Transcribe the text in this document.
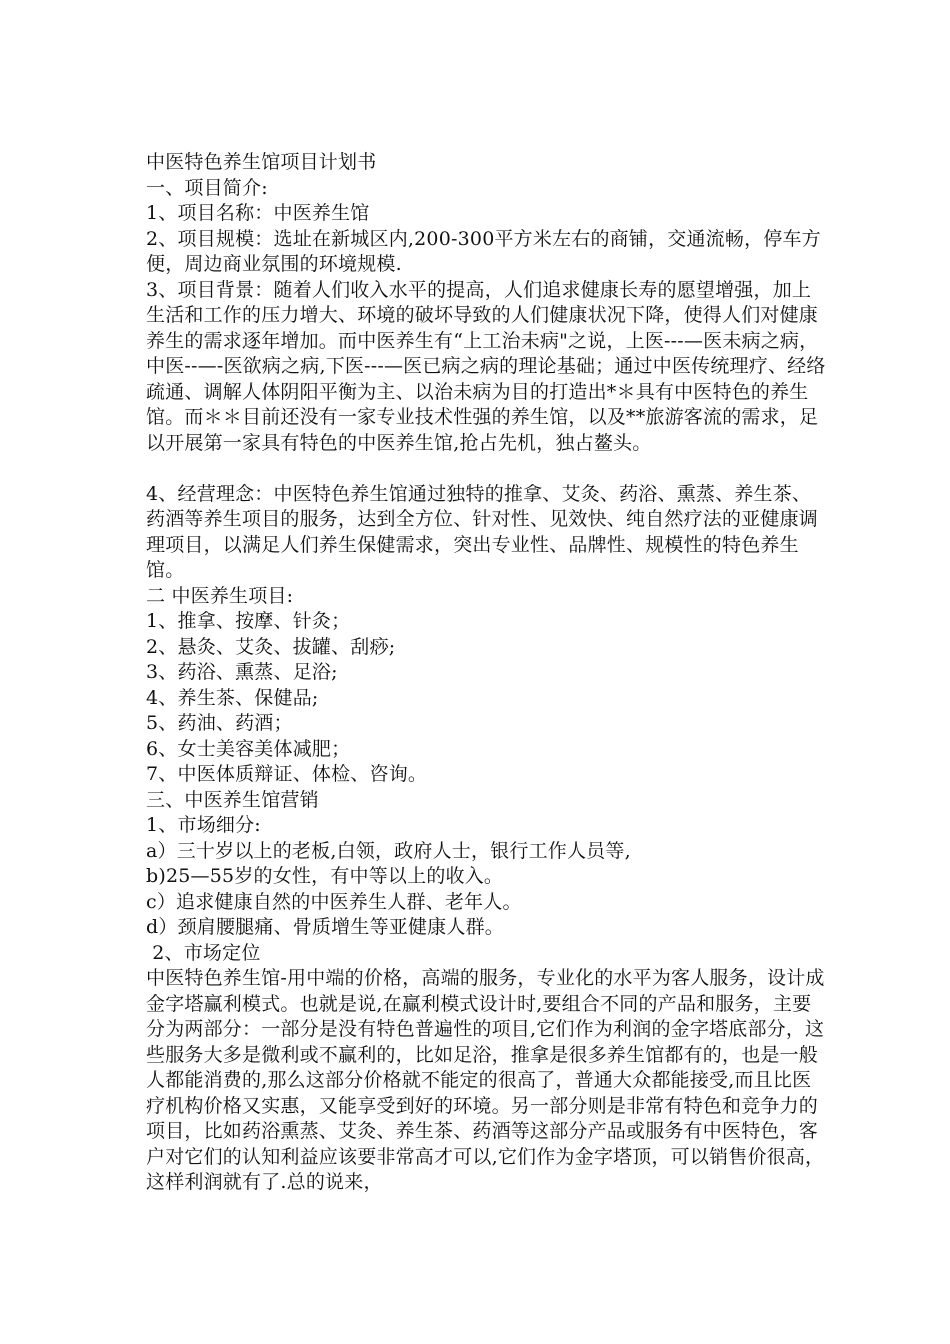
中医特色养生馆项目计划书

一、项目简介:

1、项目名称：中医养生馆

2、项目规模：选址在新城区内,200-300平方米左右的商铺，交通流畅，停车方便，周边商业氛围的环境规模.

3、项目背景：随着人们收入水平的提高，人们追求健康长寿的愿望增强，加上生活和工作的压力增大、环境的破坏导致的人们健康状况下降，使得人们对健康养生的需求逐年增加。而中医养生有“上工治未病"之说，上医---—医未病之病，中医--—-医欲病之病,下医---—医已病之病的理论基础；通过中医传统理疗、经络疏通、调解人体阴阳平衡为主、以治未病为目的打造出*＊具有中医特色的养生馆。而＊＊目前还没有一家专业技术性强的养生馆，以及**旅游客流的需求，足以开展第一家具有特色的中医养生馆,抢占先机，独占鳌头。

4、经营理念：中医特色养生馆通过独特的推拿、艾灸、药浴、熏蒸、养生茶、药酒等养生项目的服务，达到全方位、针对性、见效快、纯自然疗法的亚健康调理项目，以满足人们养生保健需求，突出专业性、品牌性、规模性的特色养生馆。

二 中医养生项目:

1、推拿、按摩、针灸；

2、悬灸、艾灸、拔罐、刮痧;

3、药浴、熏蒸、足浴;

4、养生茶、保健品;

5、药油、药酒；

6、女士美容美体减肥；

7、中医体质辩证、体检、咨询。

三、中医养生馆营销

1、市场细分:

a）三十岁以上的老板,白领，政府人士，银行工作人员等,

b)25—55岁的女性，有中等以上的收入。

c）追求健康自然的中医养生人群、老年人。

d）颈肩腰腿痛、骨质增生等亚健康人群。

2、市场定位

中医特色养生馆-用中端的价格，高端的服务，专业化的水平为客人服务，设计成金字塔赢利模式。也就是说,在赢利模式设计时,要组合不同的产品和服务，主要分为两部分：一部分是没有特色普遍性的项目,它们作为利润的金字塔底部分，这些服务大多是微利或不赢利的，比如足浴，推拿是很多养生馆都有的，也是一般人都能消费的,那么这部分价格就不能定的很高了，普通大众都能接受,而且比医疗机构价格又实惠，又能享受到好的环境。另一部分则是非常有特色和竞争力的项目，比如药浴熏蒸、艾灸、养生茶、药酒等这部分产品或服务有中医特色，客户对它们的认知利益应该要非常高才可以,它们作为金字塔顶，可以销售价很高，这样利润就有了.总的说来，
